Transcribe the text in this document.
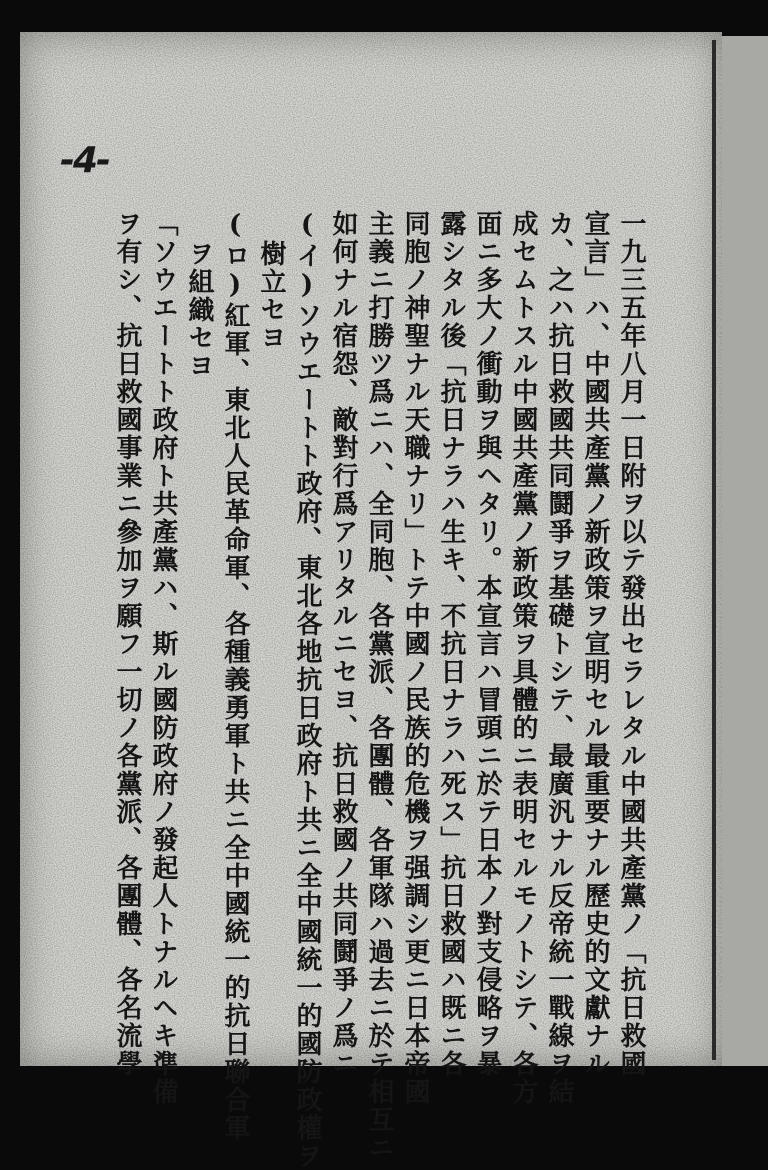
-4-
一九三五年八月一日附ヲ以テ發出セラレタル中國共產黨ノ「抗日救國
宣言」ハ、中國共產黨ノ新政策ヲ宣明セル最重要ナル歷史的文獻ナル
カ、之ハ抗日救國共同鬪爭ヲ基礎トシテ、最廣汎ナル反帝統一戰線ヲ結
成セムトスル中國共產黨ノ新政策ヲ具體的ニ表明セルモノトシテ、各方
面ニ多大ノ衝動ヲ與ヘタリ。本宣言ハ冒頭ニ於テ日本ノ對支侵略ヲ暴
露シタル後「抗日ナラハ生キ、不抗日ナラハ死ス」抗日救國ハ既ニ各
同胞ノ神聖ナル天職ナリ」トテ中國ノ民族的危機ヲ强調シ更ニ日本帝國
主義ニ打勝ツ爲ニハ、全同胞、各黨派、各團體、各軍隊ハ過去ニ於テ相互ニ
如何ナル宿怨、敵對行爲アリタルニセヨ、抗日救國ノ共同鬪爭ノ爲ニ
(イ)ソウエートト政府、東北各地抗日政府ト共ニ全中國統一的國防政權ヲ
樹立セヨ
(ロ)紅軍、東北人民革命軍、各種義勇軍ト共ニ全中國統一的抗日聯合軍
ヲ組織セヨ
「ソウエートト政府ト共產黨ハ、斯ル國防政府ノ發起人トナルヘキ準備
ヲ有シ、抗日救國事業ニ參加ヲ願フ一切ノ各黨派、各團體、各名流學
